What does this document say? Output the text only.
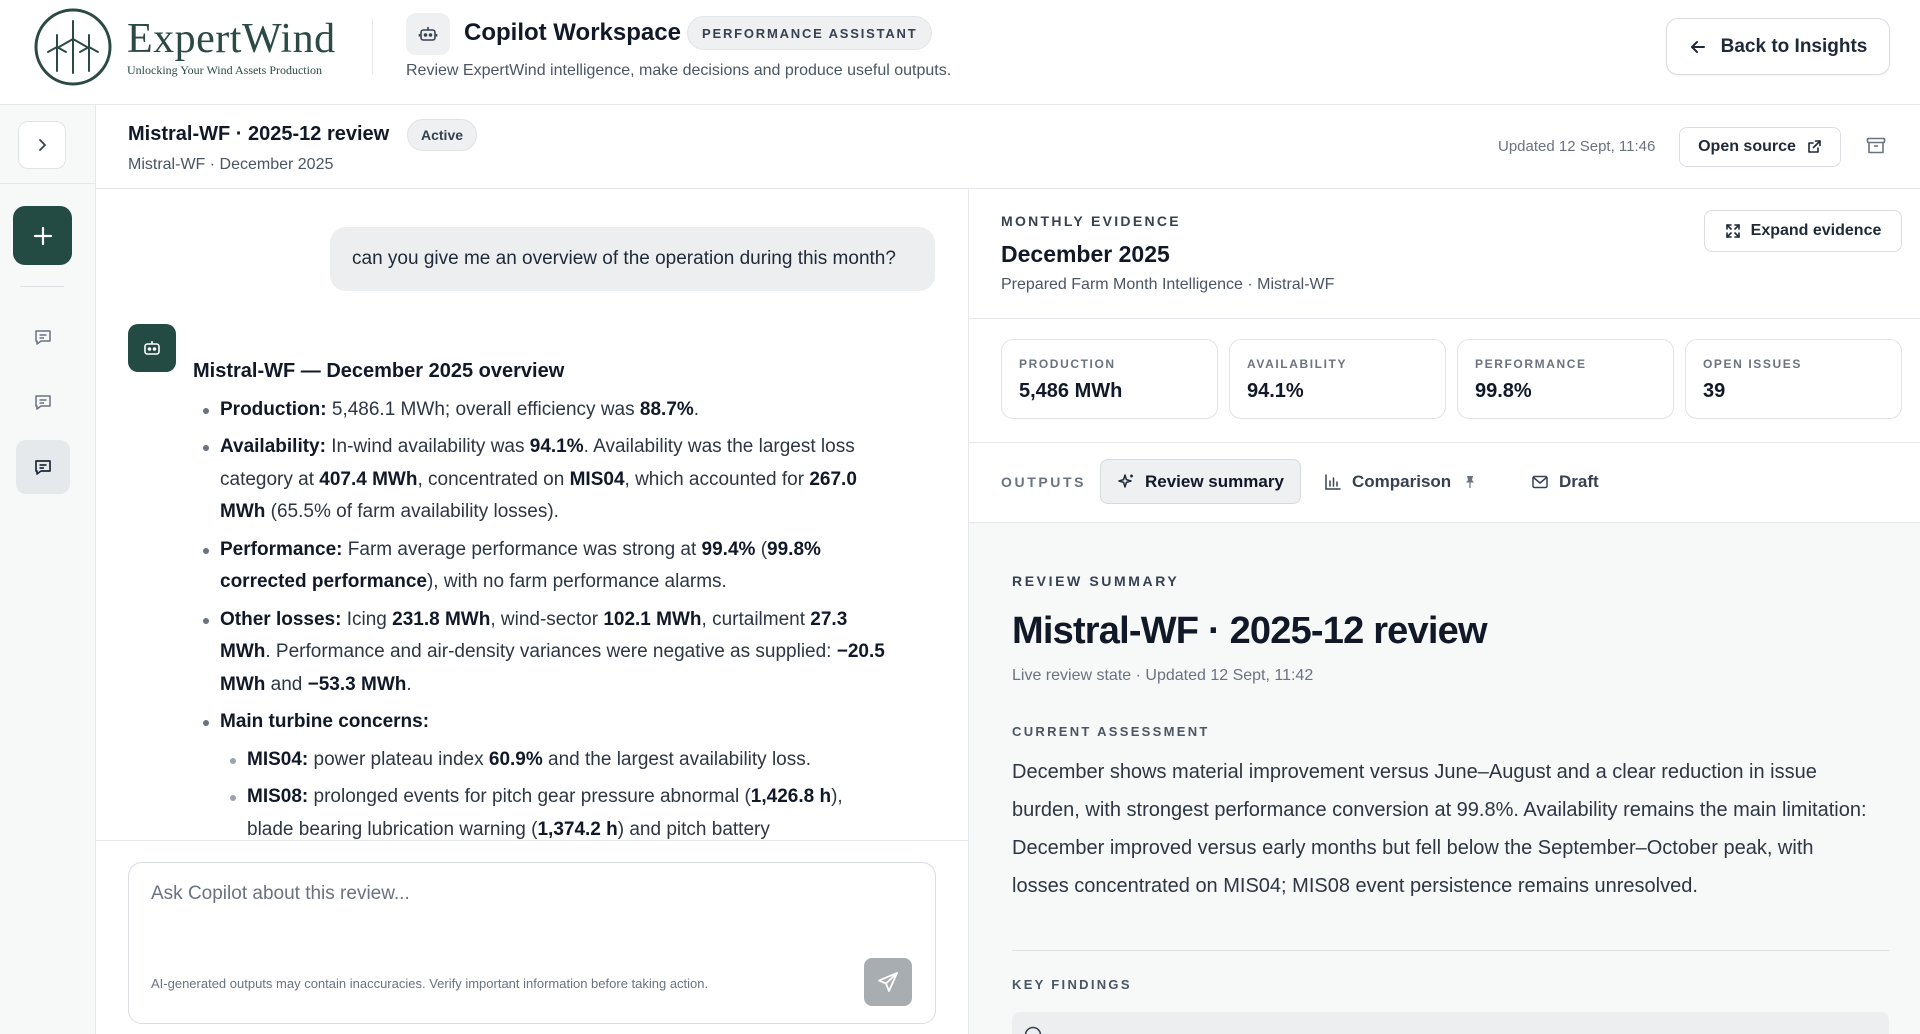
ExpertWind
Unlocking Your Wind Assets Production
Copilot Workspace	PERFORMANCE ASSISTANT
Review ExpertWind intelligence, make decisions and produce useful outputs.
Back to Insights
Mistral-WF · 2025-12 review	Active
Mistral-WF · December 2025
Updated 12 Sept, 11:46	Open source
can you give me an overview of the operation during this month?
Mistral-WF — December 2025 overview
Production: 5,486.1 MWh; overall efficiency was 88.7%.
Availability: In-wind availability was 94.1%. Availability was the largest loss category at 407.4 MWh, concentrated on MIS04, which accounted for 267.0 MWh (65.5% of farm availability losses).
Performance: Farm average performance was strong at 99.4% (99.8% corrected performance), with no farm performance alarms.
Other losses: Icing 231.8 MWh, wind-sector 102.1 MWh, curtailment 27.3 MWh. Performance and air-density variances were negative as supplied: −20.5 MWh and −53.3 MWh.
Main turbine concerns:
MIS04: power plateau index 60.9% and the largest availability loss.
MIS08: prolonged events for pitch gear pressure abnormal (1,426.8 h), blade bearing lubrication warning (1,374.2 h) and pitch battery
Ask Copilot about this review...
AI-generated outputs may contain inaccuracies. Verify important information before taking action.
MONTHLY EVIDENCE
December 2025
Prepared Farm Month Intelligence · Mistral-WF
Expand evidence
PRODUCTION
5,486 MWh
AVAILABILITY
94.1%
PERFORMANCE
99.8%
OPEN ISSUES
39
OUTPUTS	Review summary	Comparison	Draft
REVIEW SUMMARY
Mistral-WF · 2025-12 review
Live review state · Updated 12 Sept, 11:42
CURRENT ASSESSMENT
December shows material improvement versus June–August and a clear reduction in issue burden, with strongest performance conversion at 99.8%. Availability remains the main limitation: December improved versus early months but fell below the September–October peak, with losses concentrated on MIS04; MIS08 event persistence remains unresolved.
KEY FINDINGS
